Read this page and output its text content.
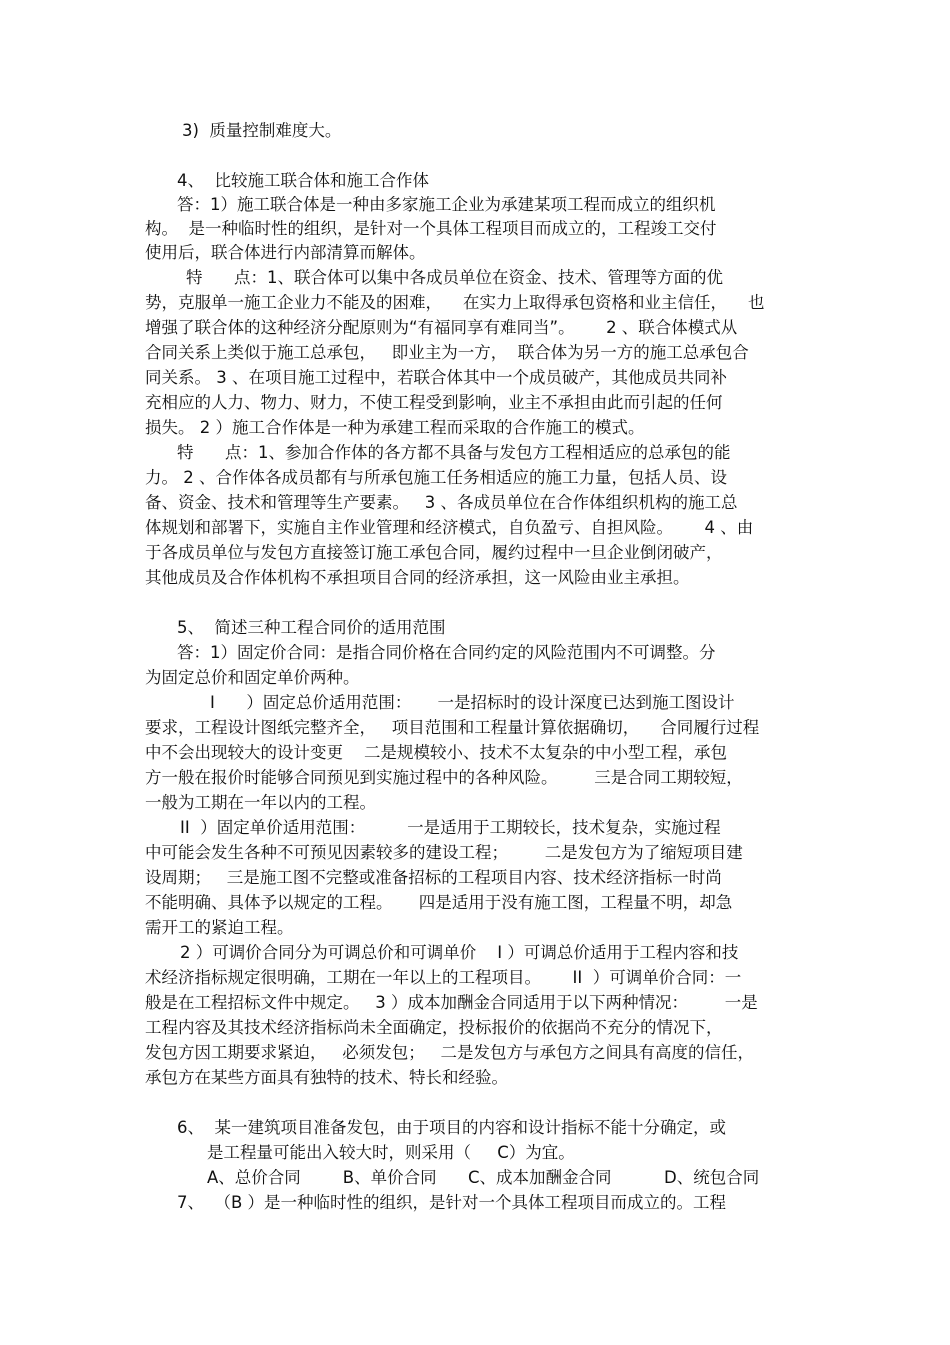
3)  质量控制难度大。
4、  比较施工联合体和施工合作体
答：1）施工联合体是一种由多家施工企业为承建某项工程而成立的组织机
构。  是一种临时性的组织，是针对一个具体工程项目而成立的，工程竣工交付
使用后，联合体进行内部清算而解体。
特      点：1、联合体可以集中各成员单位在资金、技术、管理等方面的优
势，克服单一施工企业力不能及的困难，    在实力上取得承包资格和业主信任，    也
增强了联合体的这种经济分配原则为“有福同享有难同当”。      2 、联合体模式从
合同关系上类似于施工总承包，   即业主为一方，  联合体为另一方的施工总承包合
同关系。 3 、在项目施工过程中，若联合体其中一个成员破产，其他成员共同补
充相应的人力、物力、财力，不使工程受到影响，业主不承担由此而引起的任何
损失。 2 ）施工合作体是一种为承建工程而采取的合作施工的模式。
特      点：1、参加合作体的各方都不具备与发包方工程相适应的总承包的能
力。 2 、合作体各成员都有与所承包施工任务相适应的施工力量，包括人员、设
备、资金、技术和管理等生产要素。   3 、各成员单位在合作体组织机构的施工总
体规划和部署下，实施自主作业管理和经济模式，自负盈亏、自担风险。      4 、由
于各成员单位与发包方直接签订施工承包合同，履约过程中一旦企业倒闭破产，
其他成员及合作体机构不承担项目合同的经济承担，这一风险由业主承担。
5、  简述三种工程合同价的适用范围
答：1）固定价合同：是指合同价格在合同约定的风险范围内不可调整。分
为固定总价和固定单价两种。
I      ）固定总价适用范围：     一是招标时的设计深度已达到施工图设计
要求，工程设计图纸完整齐全，   项目范围和工程量计算依据确切，    合同履行过程
中不会出现较大的设计变更    二是规模较小、技术不太复杂的中小型工程，承包
方一般在报价时能够合同预见到实施过程中的各种风险。       三是合同工期较短，
一般为工期在一年以内的工程。
II  ）固定单价适用范围：        一是适用于工期较长，技术复杂，实施过程
中可能会发生各种不可预见因素较多的建设工程；       二是发包方为了缩短项目建
设周期；   三是施工图不完整或准备招标的工程项目内容、技术经济指标一时尚
不能明确、具体予以规定的工程。     四是适用于没有施工图，工程量不明，却急
需开工的紧迫工程。
2 ）可调价合同分为可调总价和可调单价    I ）可调总价适用于工程内容和技
术经济指标规定很明确，工期在一年以上的工程项目。      II  ）可调单价合同：一
般是在工程招标文件中规定。   3 ）成本加酬金合同适用于以下两种情况：       一是
工程内容及其技术经济指标尚未全面确定，投标报价的依据尚不充分的情况下，
发包方因工期要求紧迫，   必须发包；   二是发包方与承包方之间具有高度的信任，
承包方在某些方面具有独特的技术、特长和经验。
6、  某一建筑项目准备发包，由于项目的内容和设计指标不能十分确定，或
是工程量可能出入较大时，则采用（     C）为宜。
A、总价合同        B、单价合同      C、成本加酬金合同          D、统包合同
7、  （B ）是一种临时性的组织，是针对一个具体工程项目而成立的。工程
